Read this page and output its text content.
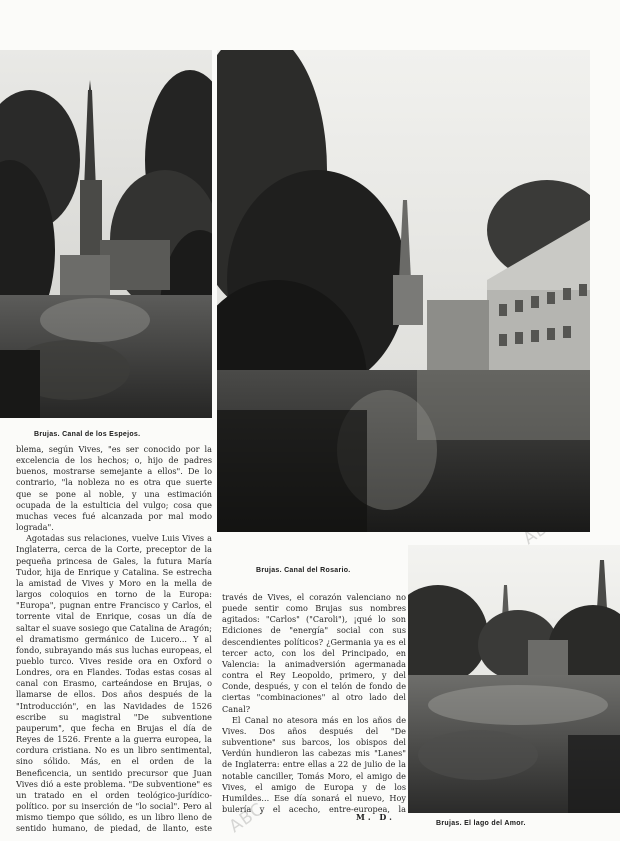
ABC
Brujas. Canal de los Espejos.
Brujas. Canal del Rosario.
Brujas. El lago del Amor.

blema, según Vives, "es ser conocido por la excelencia de los hechos; o, hijo de padres buenos, mostrarse semejante a ellos". De lo contrario, "la nobleza no es otra que suerte que se pone al noble, y una estimación ocupada de la estulticia del vulgo; cosa que muchas veces fué alcanzada por mal modo lograda".

Agotadas sus relaciones, vuelve Luis Vives a Inglaterra, cerca de la Corte, preceptor de la pequeña princesa de Gales, la futura María Tudor, hija de Enrique y Catalina. Se estrecha la amistad de Vives y Moro en la mella de largos coloquios en torno de la Europa: "Europa", pugnan entre Francisco y Carlos, el torrente vital de Enrique, cosas un día de saltar el suave sosiego que Catalina de Aragón; el dramatismo germánico de Lucero... Y al fondo, subrayando más sus luchas europeas, el pueblo turco. Vives reside ora en Oxford o Londres, ora en Flandes. Todas estas cosas al canal con Erasmo, carteándose en Brujas, o llamarse de ellos. Dos años después de la "Introducción", en las Navidades de 1526 escribe su magistral "De subventione pauperum", que fecha en Brujas el día de Reyes de 1526. Frente a la guerra europea, la cordura cristiana. No es un libro sentimental, sino sólido. Más, en el orden de la Beneficencia, un sentido precursor que Juan Vives dió a este problema. "De subventione" es un tratado en el orden teológico-jurídico-político. por su inserción de "lo social". Pero al mismo tiempo que sólido, es un libro lleno de sentido humano, de piedad, de llanto, este

través de Vives, el corazón valenciano no puede sentir como Brujas sus nombres agitados: "Carlos" ("Caroli"), ¡qué lo son Ediciones de "energía" social con sus descendientes políticos? ¿Germania ya es el tercer acto, con los del Principado, en Valencia: la animadversión agermanada contra el Rey Leopoldo, primero, y del Conde, después, y con el telón de fondo de ciertas "combinaciones" al otro lado del Canal?

El Canal no atesora más en los años de Vives. Dos años después del "De subventione" sus barcos, los obispos del Verdún hundieron las cabezas mis "Lanes" de Inglaterra: entre ellas a 22 de julio de la notable canciller, Tomás Moro, el amigo de Vives, el amigo de Europa y de los Humildes... Ese día sonará el nuevo, Hoy bulería y el acecho, entre-europea, la

M. D.
